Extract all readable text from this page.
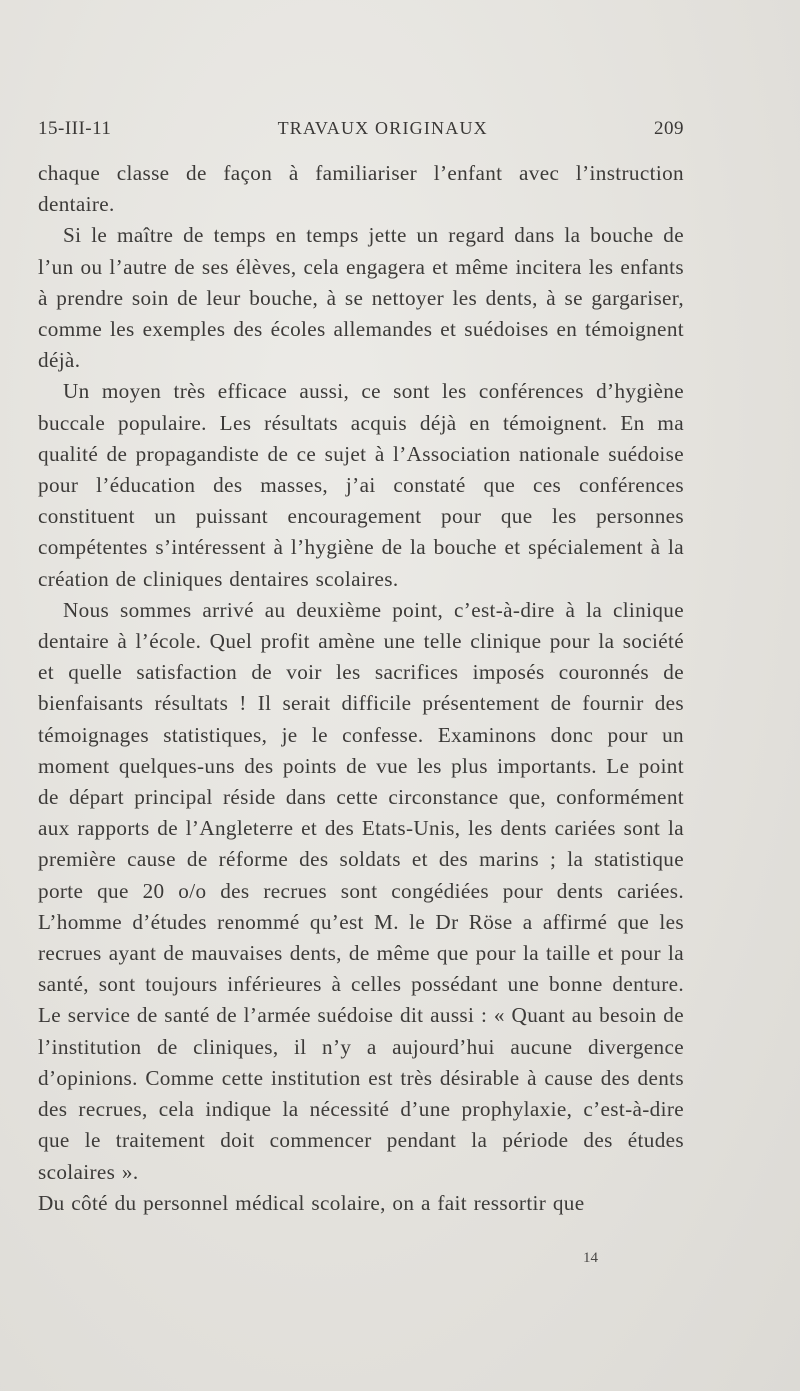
15-III-11	TRAVAUX ORIGINAUX	209

chaque classe de façon à familiariser l’enfant avec l’instruction dentaire.

Si le maître de temps en temps jette un regard dans la bouche de l’un ou l’autre de ses élèves, cela engagera et même incitera les enfants à prendre soin de leur bouche, à se nettoyer les dents, à se gargariser, comme les exemples des écoles allemandes et suédoises en témoignent déjà.

Un moyen très efficace aussi, ce sont les conférences d’hygiène buccale populaire. Les résultats acquis déjà en témoignent. En ma qualité de propagandiste de ce sujet à l’Association nationale suédoise pour l’éducation des masses, j’ai constaté que ces conférences constituent un puissant encouragement pour que les personnes compétentes s’intéressent à l’hygiène de la bouche et spécialement à la création de cliniques dentaires scolaires.

Nous sommes arrivé au deuxième point, c’est-à-dire à la clinique dentaire à l’école. Quel profit amène une telle clinique pour la société et quelle satisfaction de voir les sacrifices imposés couronnés de bienfaisants résultats ! Il serait difficile présentement de fournir des témoignages statistiques, je le confesse. Examinons donc pour un moment quelques-uns des points de vue les plus importants. Le point de départ principal réside dans cette circonstance que, conformément aux rapports de l’Angleterre et des Etats-Unis, les dents cariées sont la première cause de réforme des soldats et des marins ; la statistique porte que 20 o/o des recrues sont congédiées pour dents cariées. L’homme d’études renommé qu’est M. le Dr Röse a affirmé que les recrues ayant de mauvaises dents, de même que pour la taille et pour la santé, sont toujours inférieures à celles possédant une bonne denture. Le service de santé de l’armée suédoise dit aussi : « Quant au besoin de l’institution de cliniques, il n’y a aujourd’hui aucune divergence d’opinions. Comme cette institution est très désirable à cause des dents des recrues, cela indique la nécessité d’une prophylaxie, c’est-à-dire que le traitement doit commencer pendant la période des études scolaires ».

Du côté du personnel médical scolaire, on a fait ressortir que

14
